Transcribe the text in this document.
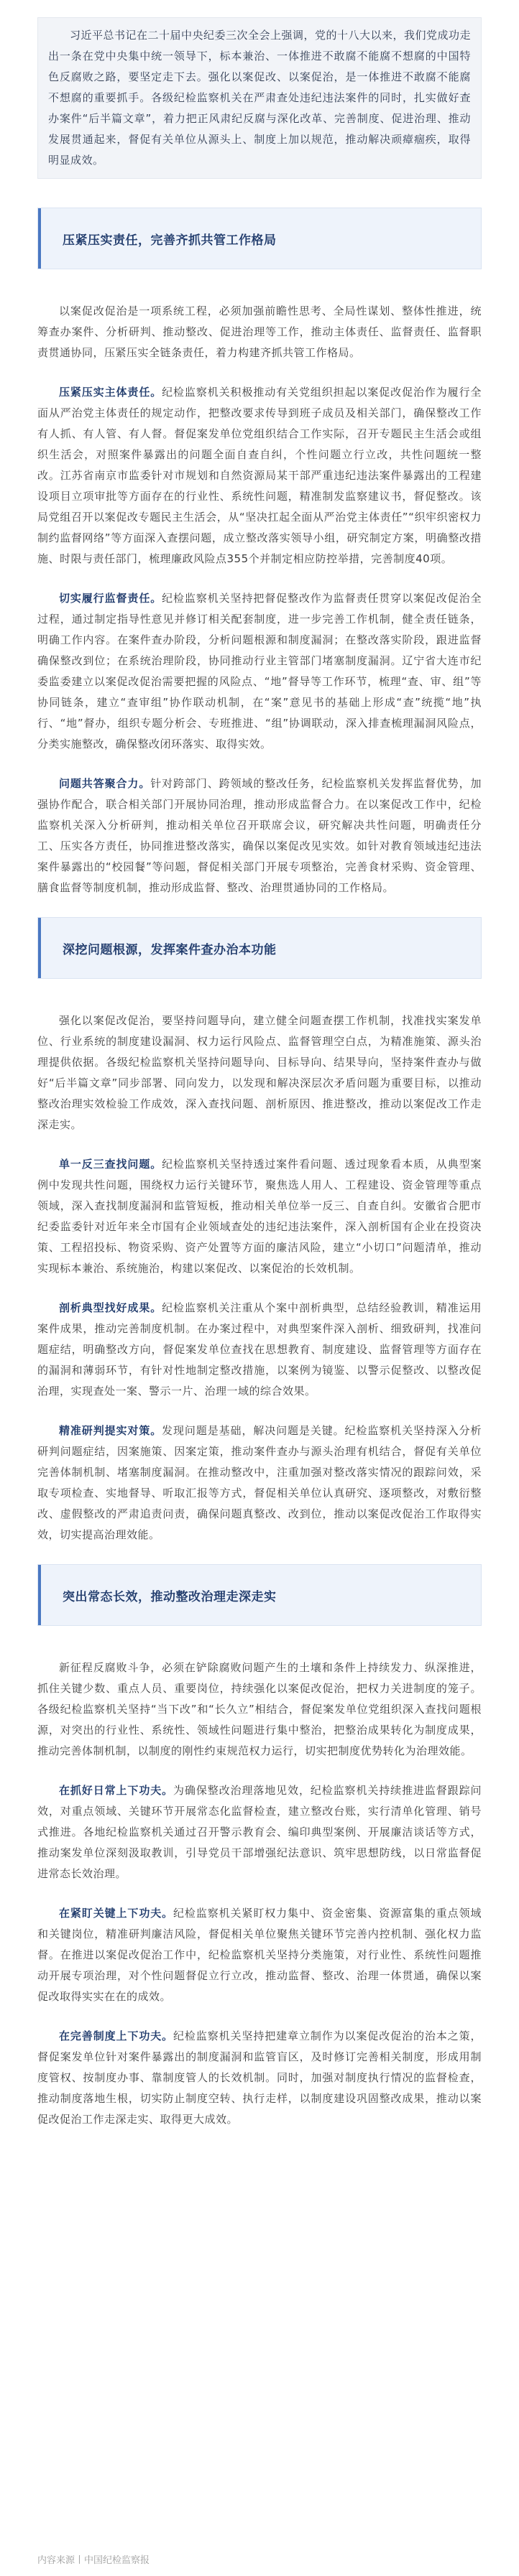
习近平总书记在二十届中央纪委三次全会上强调，党的十八大以来，我们党成功走出一条在党中央集中统一领导下，标本兼治、一体推进不敢腐不能腐不想腐的中国特色反腐败之路，要坚定走下去。强化以案促改、以案促治，是一体推进不敢腐不能腐不想腐的重要抓手。各级纪检监察机关在严肃查处违纪违法案件的同时，扎实做好查办案件“后半篇文章”，着力把正风肃纪反腐与深化改革、完善制度、促进治理、推动发展贯通起来，督促有关单位从源头上、制度上加以规范，推动解决顽瘴痼疾，取得明显成效。

压紧压实责任，完善齐抓共管工作格局

以案促改促治是一项系统工程，必须加强前瞻性思考、全局性谋划、整体性推进，统筹查办案件、分析研判、推动整改、促进治理等工作，推动主体责任、监督责任、监督职责贯通协同，压紧压实全链条责任，着力构建齐抓共管工作格局。

压紧压实主体责任。纪检监察机关积极推动有关党组织担起以案促改促治作为履行全面从严治党主体责任的规定动作，把整改要求传导到班子成员及相关部门，确保整改工作有人抓、有人管、有人督。督促案发单位党组织结合工作实际，召开专题民主生活会或组织生活会，对照案件暴露出的问题全面自查自纠，个性问题立行立改，共性问题统一整改。江苏省南京市监委针对市规划和自然资源局某干部严重违纪违法案件暴露出的工程建设项目立项审批等方面存在的行业性、系统性问题，精准制发监察建议书，督促整改。该局党组召开以案促改专题民主生活会，从“坚决扛起全面从严治党主体责任”“织牢织密权力制约监督网络”等方面深入查摆问题，成立整改落实领导小组，研究制定方案，明确整改措施、时限与责任部门，梳理廉政风险点355个并制定相应防控举措，完善制度40项。

切实履行监督责任。纪检监察机关坚持把督促整改作为监督责任贯穿以案促改促治全过程，通过制定指导性意见并修订相关配套制度，进一步完善工作机制，健全责任链条，明确工作内容。在案件查办阶段，分析问题根源和制度漏洞；在整改落实阶段，跟进监督确保整改到位；在系统治理阶段，协同推动行业主管部门堵塞制度漏洞。辽宁省大连市纪委监委建立以案促改促治需要把握的风险点、“地”督导等工作环节，梳理“查、审、组”等协同链条，建立“查审组”协作联动机制，在“案”意见书的基础上形成“查”统揽“地”执行、“地”督办，组织专题分析会、专班推进、“组”协调联动，深入排查梳理漏洞风险点，分类实施整改，确保整改闭环落实、取得实效。

问题共答聚合力。针对跨部门、跨领域的整改任务，纪检监察机关发挥监督优势，加强协作配合，联合相关部门开展协同治理，推动形成监督合力。在以案促改工作中，纪检监察机关深入分析研判，推动相关单位召开联席会议，研究解决共性问题，明确责任分工、压实各方责任，协同推进整改落实，确保以案促改见实效。如针对教育领域违纪违法案件暴露出的“校园餐”等问题，督促相关部门开展专项整治，完善食材采购、资金管理、膳食监督等制度机制，推动形成监督、整改、治理贯通协同的工作格局。

深挖问题根源，发挥案件查办治本功能

强化以案促改促治，要坚持问题导向，建立健全问题查摆工作机制，找准找实案发单位、行业系统的制度建设漏洞、权力运行风险点、监督管理空白点，为精准施策、源头治理提供依据。各级纪检监察机关坚持问题导向、目标导向、结果导向，坚持案件查办与做好“后半篇文章”同步部署、同向发力，以发现和解决深层次矛盾问题为重要目标，以推动整改治理实效检验工作成效，深入查找问题、剖析原因、推进整改，推动以案促改工作走深走实。

单一反三查找问题。纪检监察机关坚持透过案件看问题、透过现象看本质，从典型案例中发现共性问题，围绕权力运行关键环节，聚焦选人用人、工程建设、资金管理等重点领域，深入查找制度漏洞和监管短板，推动相关单位举一反三、自查自纠。安徽省合肥市纪委监委针对近年来全市国有企业领域查处的违纪违法案件，深入剖析国有企业在投资决策、工程招投标、物资采购、资产处置等方面的廉洁风险，建立“小切口”问题清单，推动实现标本兼治、系统施治，构建以案促改、以案促治的长效机制。

剖析典型找好成果。纪检监察机关注重从个案中剖析典型，总结经验教训，精准运用案件成果，推动完善制度机制。在办案过程中，对典型案件深入剖析、细致研判，找准问题症结，明确整改方向，督促案发单位查找在思想教育、制度建设、监督管理等方面存在的漏洞和薄弱环节，有针对性地制定整改措施，以案例为镜鉴、以警示促整改、以整改促治理，实现查处一案、警示一片、治理一域的综合效果。

精准研判提实对策。发现问题是基础，解决问题是关键。纪检监察机关坚持深入分析研判问题症结，因案施策、因案定策，推动案件查办与源头治理有机结合，督促有关单位完善体制机制、堵塞制度漏洞。在推动整改中，注重加强对整改落实情况的跟踪问效，采取专项检查、实地督导、听取汇报等方式，督促相关单位认真研究、逐项整改，对敷衍整改、虚假整改的严肃追责问责，确保问题真整改、改到位，推动以案促改促治工作取得实效，切实提高治理效能。

突出常态长效，推动整改治理走深走实

新征程反腐败斗争，必须在铲除腐败问题产生的土壤和条件上持续发力、纵深推进，抓住关键少数、重点人员、重要岗位，持续强化以案促改促治，把权力关进制度的笼子。各级纪检监察机关坚持“当下改”和“长久立”相结合，督促案发单位党组织深入查找问题根源，对突出的行业性、系统性、领域性问题进行集中整治，把整治成果转化为制度成果，推动完善体制机制，以制度的刚性约束规范权力运行，切实把制度优势转化为治理效能。

在抓好日常上下功夫。为确保整改治理落地见效，纪检监察机关持续推进监督跟踪问效，对重点领域、关键环节开展常态化监督检查，建立整改台账，实行清单化管理、销号式推进。各地纪检监察机关通过召开警示教育会、编印典型案例、开展廉洁谈话等方式，推动案发单位深刻汲取教训，引导党员干部增强纪法意识、筑牢思想防线，以日常监督促进常态长效治理。

在紧盯关键上下功夫。纪检监察机关紧盯权力集中、资金密集、资源富集的重点领域和关键岗位，精准研判廉洁风险，督促相关单位聚焦关键环节完善内控机制、强化权力监督。在推进以案促改促治工作中，纪检监察机关坚持分类施策，对行业性、系统性问题推动开展专项治理，对个性问题督促立行立改，推动监督、整改、治理一体贯通，确保以案促改取得实实在在的成效。

在完善制度上下功夫。纪检监察机关坚持把建章立制作为以案促改促治的治本之策，督促案发单位针对案件暴露出的制度漏洞和监管盲区，及时修订完善相关制度，形成用制度管权、按制度办事、靠制度管人的长效机制。同时，加强对制度执行情况的监督检查，推动制度落地生根，切实防止制度空转、执行走样，以制度建设巩固整改成果，推动以案促改促治工作走深走实、取得更大成效。

内容来源丨中国纪检监察报
